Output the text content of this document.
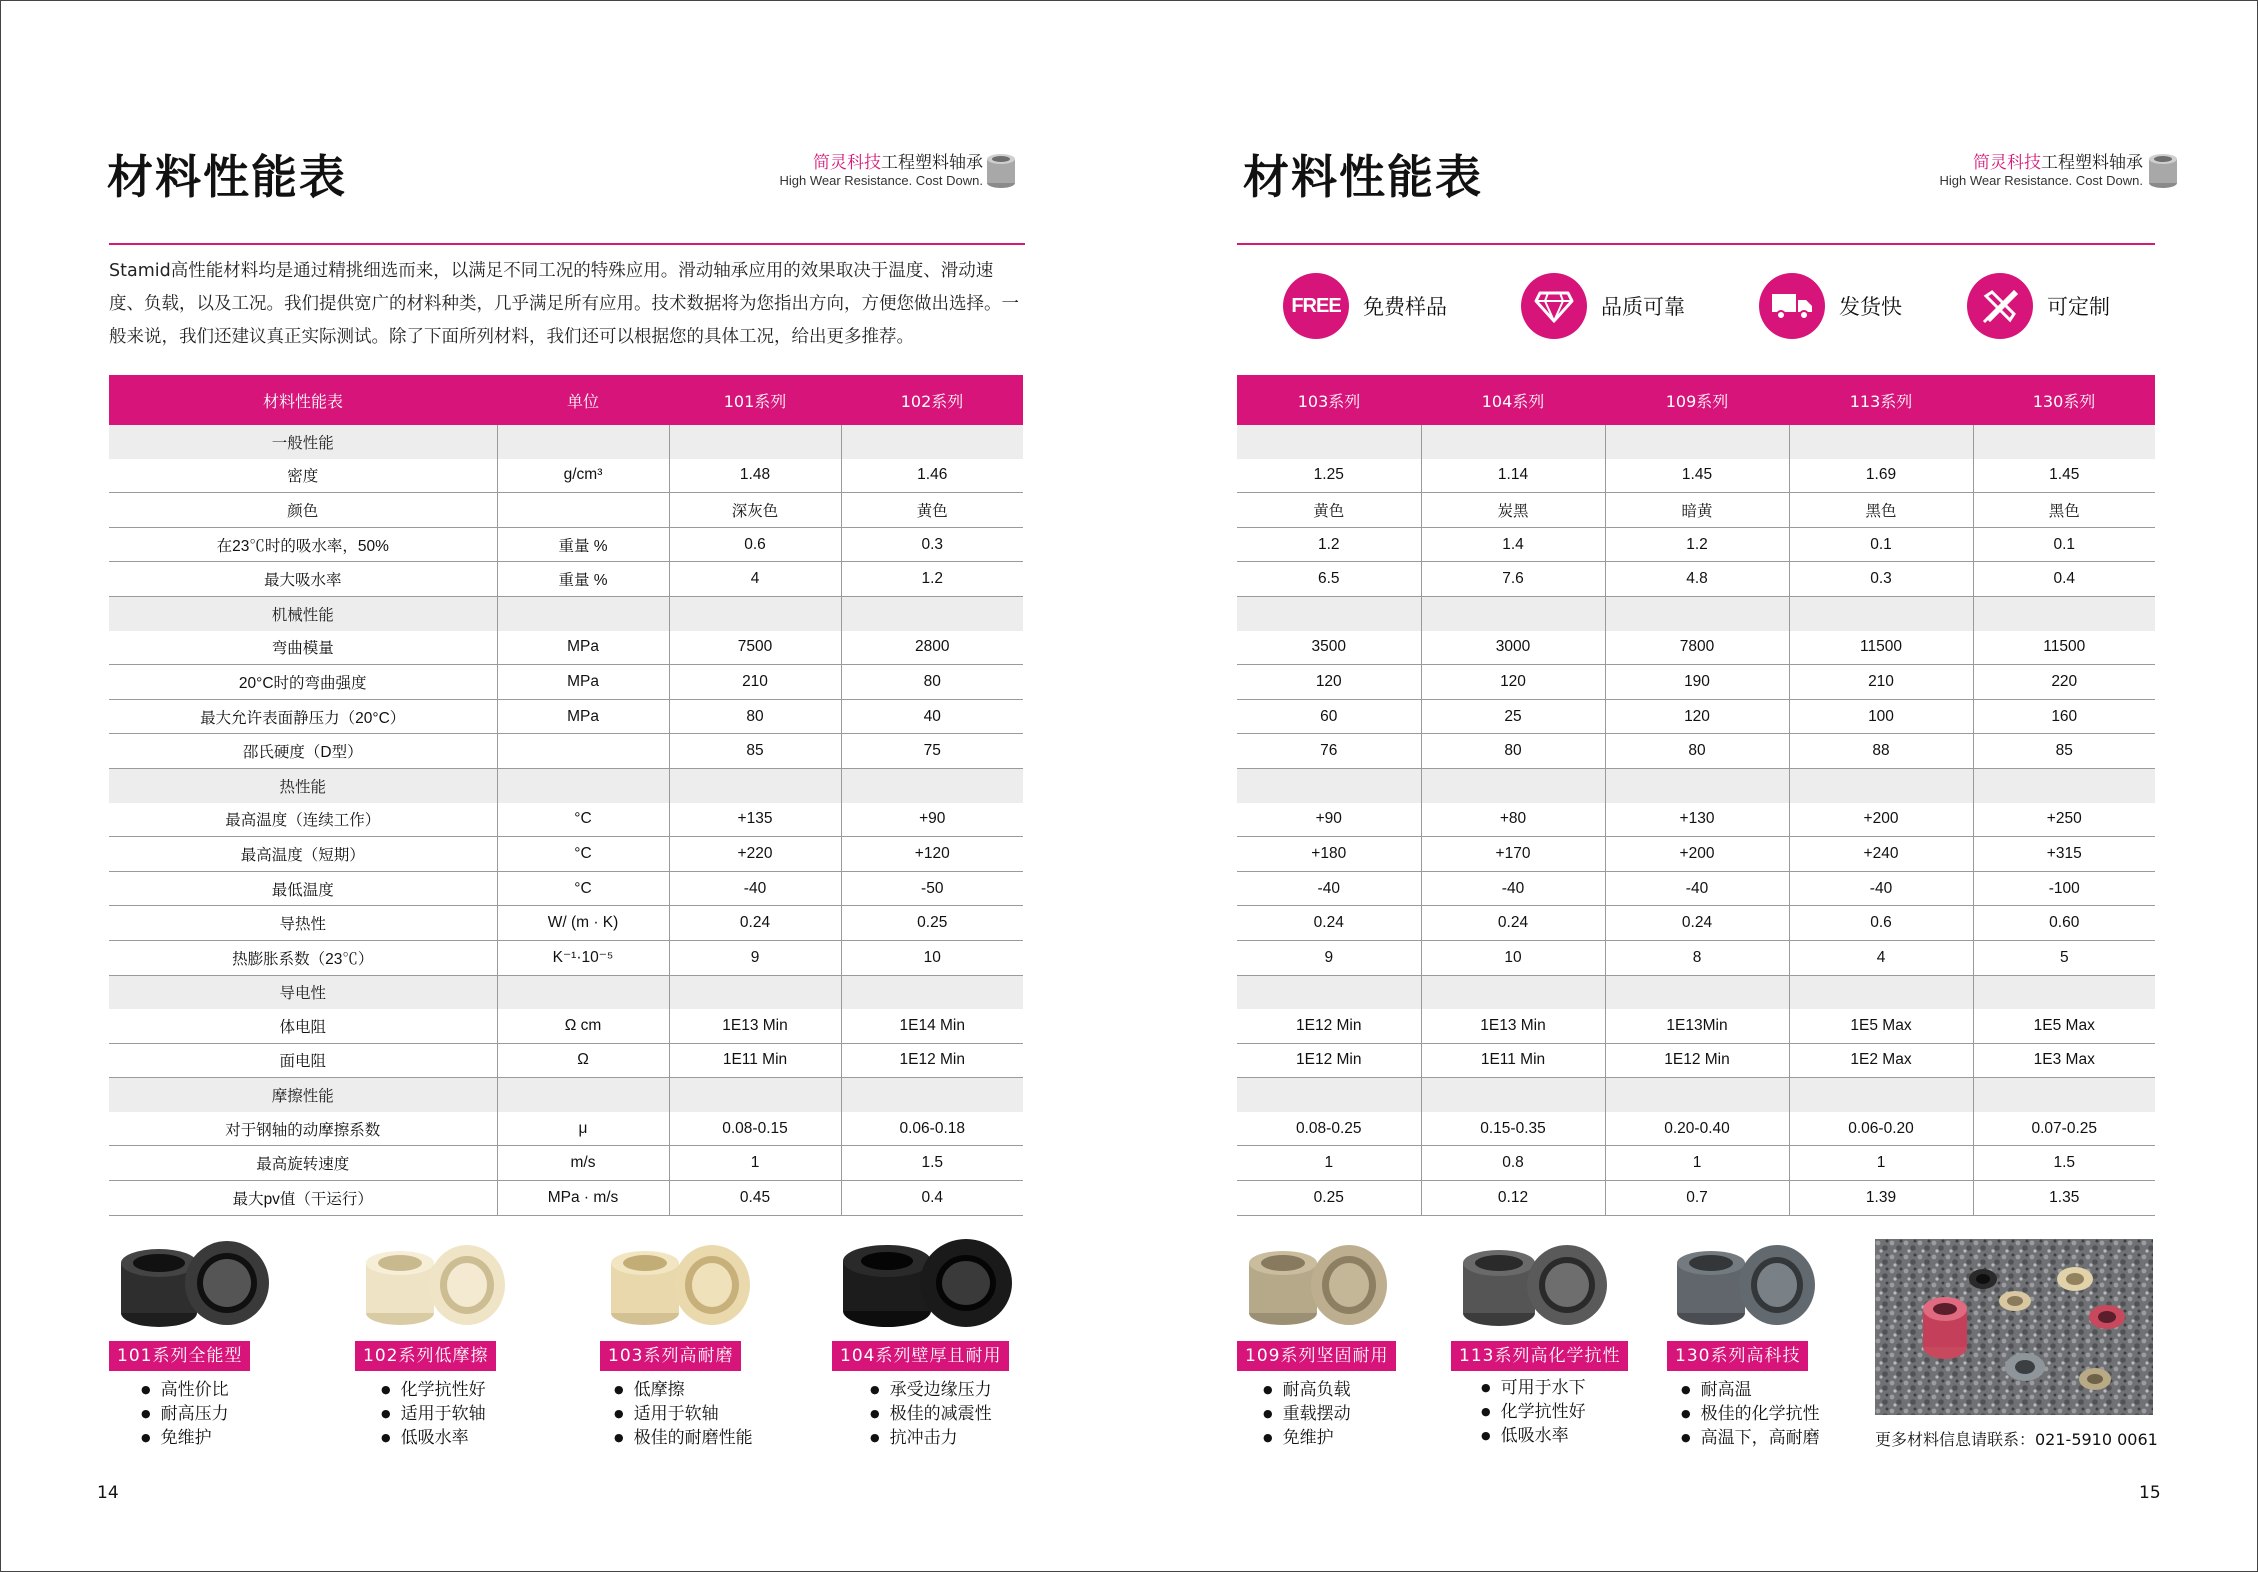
材料性能表	简灵科技工程塑料轴承
High Wear Resistance. Cost Down.
Stamid高性能材料均是通过精挑细选而来，以满足不同工况的特殊应用。滑动轴承应用的效果取决于温度、滑动速度、负载，以及工况。我们提供宽广的材料种类，几乎满足所有应用。技术数据将为您指出方向，方便您做出选择。一般来说，我们还建议真正实际测试。除了下面所列材料，我们还可以根据您的具体工况，给出更多推荐。
材料性能表	单位	101系列	102系列
一般性能			
密度	g/cm³	1.48	1.46
颜色		深灰色	黄色
在23℃时的吸水率，50%	重量 %	0.6	0.3
最大吸水率	重量 %	4	1.2
机械性能			
弯曲模量	MPa	7500	2800
20°C时的弯曲强度	MPa	210	80
最大允许表面静压力（20°C）	MPa	80	40
邵氏硬度（D型）		85	75
热性能			
最高温度（连续工作）	°C	+135	+90
最高温度（短期）	°C	+220	+120
最低温度	°C	-40	-50
导热性	W/ (m · K)	0.24	0.25
热膨胀系数（23℃）	K⁻¹·10⁻⁵	9	10
导电性			
体电阻	Ω cm	1E13 Min	1E14 Min
面电阻	Ω	1E11 Min	1E12 Min
摩擦性能			
对于钢轴的动摩擦系数	μ	0.08-0.15	0.06-0.18
最高旋转速度	m/s	1	1.5
最大pv值（干运行）	MPa · m/s	0.45	0.4
101系列全能型
● 高性价比
● 耐高压力
● 免维护
102系列低摩擦
● 化学抗性好
● 适用于软轴
● 低吸水率
103系列高耐磨
● 低摩擦
● 适用于软轴
● 极佳的耐磨性能
104系列壁厚且耐用
● 承受边缘压力
● 极佳的减震性
● 抗冲击力
14
材料性能表	简灵科技工程塑料轴承
High Wear Resistance. Cost Down.
FREE 免费样品	品质可靠	发货快	可定制
103系列	104系列	109系列	113系列	130系列

1.25	1.14	1.45	1.69	1.45
黄色	炭黑	暗黄	黑色	黑色
1.2	1.4	1.2	0.1	0.1
6.5	7.6	4.8	0.3	0.4

3500	3000	7800	11500	11500
120	120	190	210	220
60	25	120	100	160
76	80	80	88	85

+90	+80	+130	+200	+250
+180	+170	+200	+240	+315
-40	-40	-40	-40	-100
0.24	0.24	0.24	0.6	0.60
9	10	8	4	5

1E12 Min	1E13 Min	1E13Min	1E5 Max	1E5 Max
1E12 Min	1E11 Min	1E12 Min	1E2 Max	1E3 Max

0.08-0.25	0.15-0.35	0.20-0.40	0.06-0.20	0.07-0.25
1	0.8	1	1	1.5
0.25	0.12	0.7	1.39	1.35
109系列坚固耐用
● 耐高负载
● 重载摆动
● 免维护
113系列高化学抗性
● 可用于水下
● 化学抗性好
● 低吸水率
130系列高科技
● 耐高温
● 极佳的化学抗性
● 高温下，高耐磨	更多材料信息请联系：021-5910 0061
15
